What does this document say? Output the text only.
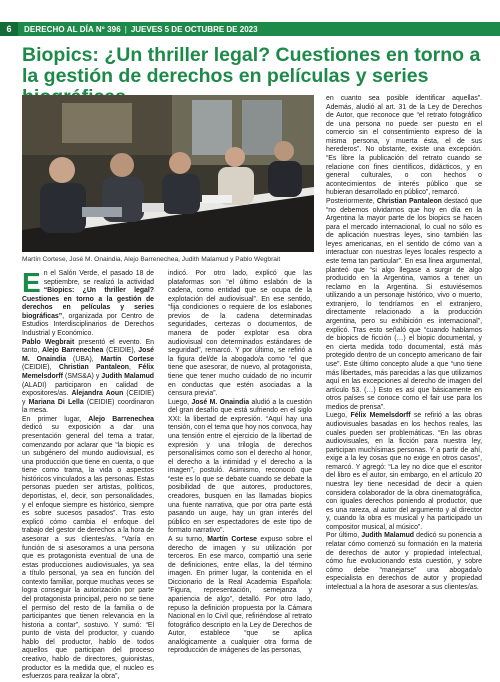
6	DERECHO AL DÍA Nº 396 | JUEVES 5 DE OCTUBRE DE 2023
Biopics: ¿Un thriller legal? Cuestiones en torno a la gestión de derechos en películas y series
Martín Cortese, José M. Onaindia, Alejo Barrenechea, Judith Malamud y Pablo Wegbrait

En el Salón Verde, el pasado 18 de septiembre, se realizó la actividad “Biopics: ¿Un thriller legal? Cuestiones en torno a la gestión de derechos en películas y series biográficas”, organizada por Centro de Estudios Interdisciplinarios de Derechos Industrial y Económico.

Pablo Wegbrait presentó el evento. En tanto, Alejo Barrenechea (CEIDIE), José M. Onaindia (UBA), Martín Cortese (CEIDIE), Christian Pantaleon, Félix Memelsdorff (SMS&A) y Judith Malamud (ALADI) participaron en calidad de expositores/as. Alejandra Aoun (CEIDIE) y Mariana Di Lella (CEIDIE) coordinaron la mesa.

En primer lugar, Alejo Barrenechea dedicó su exposición a dar una presentación general del tema a tratar, comenzando por aclarar que “la biopic es un subgénero del mundo audiovisual, es una producción que tiene en cuenta, o que tiene como trama, la vida o aspectos históricos vinculados a las personas. Estas personas pueden ser artistas, políticos, deportistas, el, decir, son personalidades, y el enfoque siempre es histórico, siempre es sobre sucesos pasados”. Tras esto explicó cómo cambia el enfoque del trabajo del gestor de derechos a la hora de asesorar a sus clientes/as. “Varía en función de si asesoramos a una persona que es protagonista eventual de una de estas producciones audiovisuales, ya sea a título personal, ya sea en función del contexto familiar, porque muchas veces se logra conseguir la autorización por parte del protagonista principal, pero no se tiene el permiso del resto de la familia o de participantes que tienen relevancia en la historia a contar”, sostuvo. Y sumó: “El punto de vista del productor, y cuando hablo del productor, hablo de todos aquellos que participan del proceso creativo, hablo de directores, guionistas, productor es la medida que, el nucleo es esfuerzos para realizar la obra”,

indicó. Por otro lado, explicó que las plataformas son “el último eslabón de la cadena, como entidad que se ocupa de la explotación del audiovisual”. En ese sentido, “fija condiciones o requiere de los eslabones previos de la cadena determinadas seguridades, certezas o documentos, de manera de poder explotar esa obra audiovisual con determinados estándares de seguridad”, remarcó. Y por último, se refirió a la figura del/de la abogado/a como “el que tiene que asesorar, de nuevo, al protagonista, tiene que tener mucho cuidado de no incurrir en conductas que estén asociadas a la censura previa”.

Luego, José M. Onaindia aludió a la cuestión del gran desafío que está sufriendo en el siglo XXI: la libertad de expresión. “Aquí hay una tensión, con el tema que hoy nos convoca, hay una tensión entre el ejercicio de la libertad de expresión y una trilogía de derechos personalísimos como son el derecho al honor, el derecho a la intimidad y el derecho a la imagen”, postuló. Asimismo, reconoció que “este es lo que se debate cuando se debate la posibilidad de que autores, productores, creadores, busquen en las llamadas biopics una fuente narrativa, que por otra parte está pasando un auge, hay un gran interés del público en ser espectadores de este tipo de formato narrativo”.

A su turno, Martín Cortese expuso sobre el derecho de imagen y su utilización por terceros. En ese marco, compartió una serie de definiciones, entre ellas, la del término imagen. En primer lugar, la contenida en el Diccionario de la Real Academia Española: “Figura, representación, semejanza y apariencia de algo”, detalló. Por otro lado, repuso la definición propuesta por la Cámara Nacional en lo Civil que, refiriéndose al retrato fotográfico descripto en la Ley de Derechos de Autor, establece “que se aplica analógicamente a cualquier otra forma de reproducción de imágenes de las personas,

en cuanto sea posible identificar aquellas”. Además, aludió al art. 31 de la Ley de Derechos de Autor, que reconoce que “el retrato fotográfico de una persona no puede ser puesto en el comercio sin el consentimiento expreso de la misma persona, y muerta ésta, el de sus herederos”. No obstante, existe una excepción. “Es libre la publicación del retrato cuando se relacione con fines científicos, didácticos, y en general culturales, o con hechos o acontecimientos de interés público que se hubieran desarrollado en público”, remarcó.

Posteriormente, Christian Pantaleon destacó que “no debemos olvidarnos que hoy en día en la Argentina la mayor parte de los biopics se hacen para el mercado internacional, lo cual no sólo es de aplicación nuestras leyes, sino también las leyes americanas, en el sentido de cómo van a interactuar con nuestras leyes locales respecto a este tema tan particular”. En esa línea argumental, planteó que “si algo llegase a surgir de algo producido en la Argentina, vamos a tener un reclamo en la Argentina. Si estuviésemos utilizando a un personaje histórico, vivo o muerto, extranjero, lo tendríamos en el extranjero, directamente relacionado a la producción argentina, pero su exhibición es internacional”, explicó. Tras esto señaló que “cuando hablamos de biopics de ficción (…) el biopic documental, y en cierta medida todo documental, está más protegido dentro de un concepto americano de fair use”. Este último concepto alude a que “uno tiene más libertades, más parecidas a las que utilizamos aquí en las excepciones al derecho de imagen del artículo 53. (…) Esto es así que básicamente en otros países se conoce como el fair use para los medios de prensa”.

Luego, Félix Memelsdorff se refirió a las obras audiovisuales basadas en los hechos reales, las cuales pueden ser problemáticas. “En las obras audiovisuales, en la ficción para nuestra ley, participan muchísimas personas. Y a partir de ahí, exige a la ley cosas que no exige en otros casos”, remarcó. Y agregó: “La ley no dice que el escritor del libro es el autor, sin embargo, en el artículo 20 nuestra ley tiene necesidad de decir a quien considera colaborador de la obra cinematográfica, con iguales derechos poniendo al productor, que es una rareza, al autor del argumento y al director y, cuando la obra es musical y ha participado un compositor musical, al músico”.

Por último, Judith Malamud dedicó su ponencia a relatar cómo comenzó su formación en la materia de derechos de autor y propiedad intelectual, cómo fue evolucionando esta cuestión, y sobre cómo debe “manejarse” una abogada/o especialista en derechos de autor y propiedad intelectual a la hora de asesorar a sus clientes/as.
